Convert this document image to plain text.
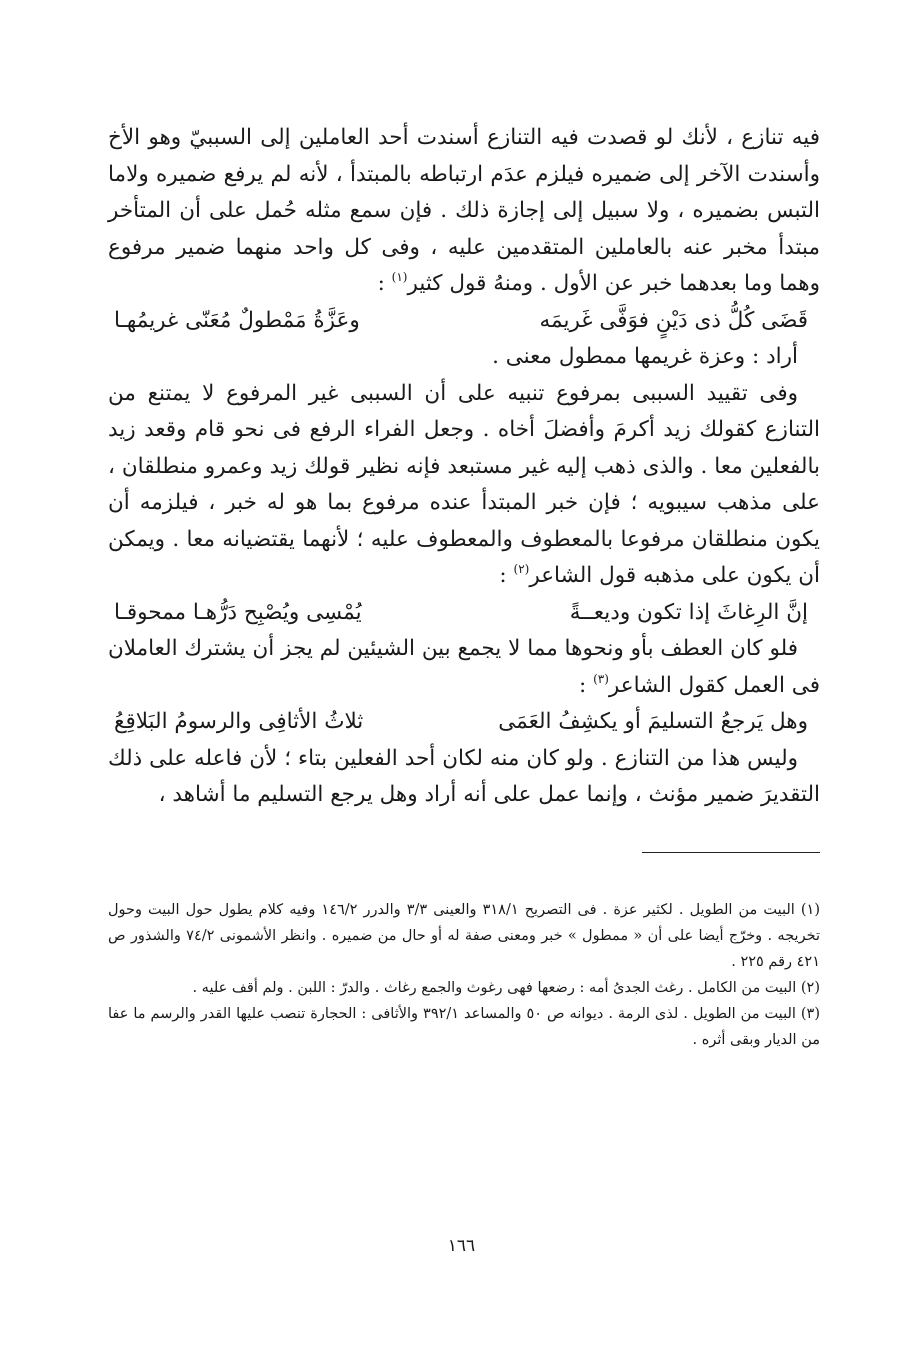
فيه تنازع ، لأنك لو قصدت فيه التنازع أسندت أحد العاملين إلى السببيّ وهو الأخ وأسندت الآخر إلى ضميره فيلزم عدَم ارتباطه بالمبتدأ ، لأنه لم يرفع ضميره ولاما التبس بضميره ، ولا سبيل إلى إجازة ذلك . فإن سمع مثله حُمل على أن المتأخر مبتدأ مخبر عنه بالعاملين المتقدمين عليه ، وفى كل واحد منهما ضمير مرفوع وهما وما بعدهما خبر عن الأول . ومنهُ قول كثير$^{(١)}$ :

قَضَى كُلُّ ذى دَيْنٍ فوَفَّى غَريمَه
وعَزَّةُ مَمْطولٌ مُعَنّى غريمُهـا

أراد : وعزة غريمها ممطول معنى .

وفى تقييد السببى بمرفوع تنبيه على أن السببى غير المرفوع لا يمتنع من التنازع كقولك زيد أكرمَ وأفضلَ أخاه . وجعل الفراء الرفع فى نحو قام وقعد زيد بالفعلين معا . والذى ذهب إليه غير مستبعد فإنه نظير قولك زيد وعمرو منطلقان ، على مذهب سيبويه ؛ فإن خبر المبتدأ عنده مرفوع بما هو له خبر ، فيلزمه أن يكون منطلقان مرفوعا بالمعطوف والمعطوف عليه ؛ لأنهما يقتضيانه معا . ويمكن أن يكون على مذهبه قول الشاعر$^{(٢)}$ :

إنَّ الرِغاثَ إذا تكون وديعــةً
يُمْسِى ويُصْبِح دَرُّهـا ممحوقـا

فلو كان العطف بأو ونحوها مما لا يجمع بين الشيئين لم يجز أن يشترك العاملان فى العمل كقول الشاعر$^{(٣)}$ :

وهل يَرجعُ التسليمَ أو يكشِفُ العَمَى
ثلاثُ الأثافِى والرسومُ البَلاقِعُ

وليس هذا من التنازع . ولو كان منه لكان أحد الفعلين بتاء ؛ لأن فاعله على ذلك التقديرَ ضمير مؤنث ، وإنما عمل على أنه أراد وهل يرجع التسليم ما أشاهد ،

(١) البيت من الطويل . لكثير عزة . فى التصريح ٣١٨/١ والعينى ٣/٣ والدرر ١٤٦/٢ وفيه كلام يطول حول البيت وحول تخريجه . وخرّج أيضا على أن « ممطول » خبر ومعنى صفة له أو حال من ضميره . وانظر الأشمونى ٧٤/٢ والشذور ص ٤٢١ رقم ٢٢٥ .

(٢) البيت من الكامل . رغث الجدىُ أمه : رضعها فهى رغوث والجمع رغاث . والدرّ : اللبن . ولم أقف عليه .

(٣) البيت من الطويل . لذى الرمة . ديوانه ص ٥٠ والمساعد ٣٩٢/١ والأثافى : الحجارة تنصب عليها القدر والرسم ما عفا من الديار وبقى أثره .

١٦٦
